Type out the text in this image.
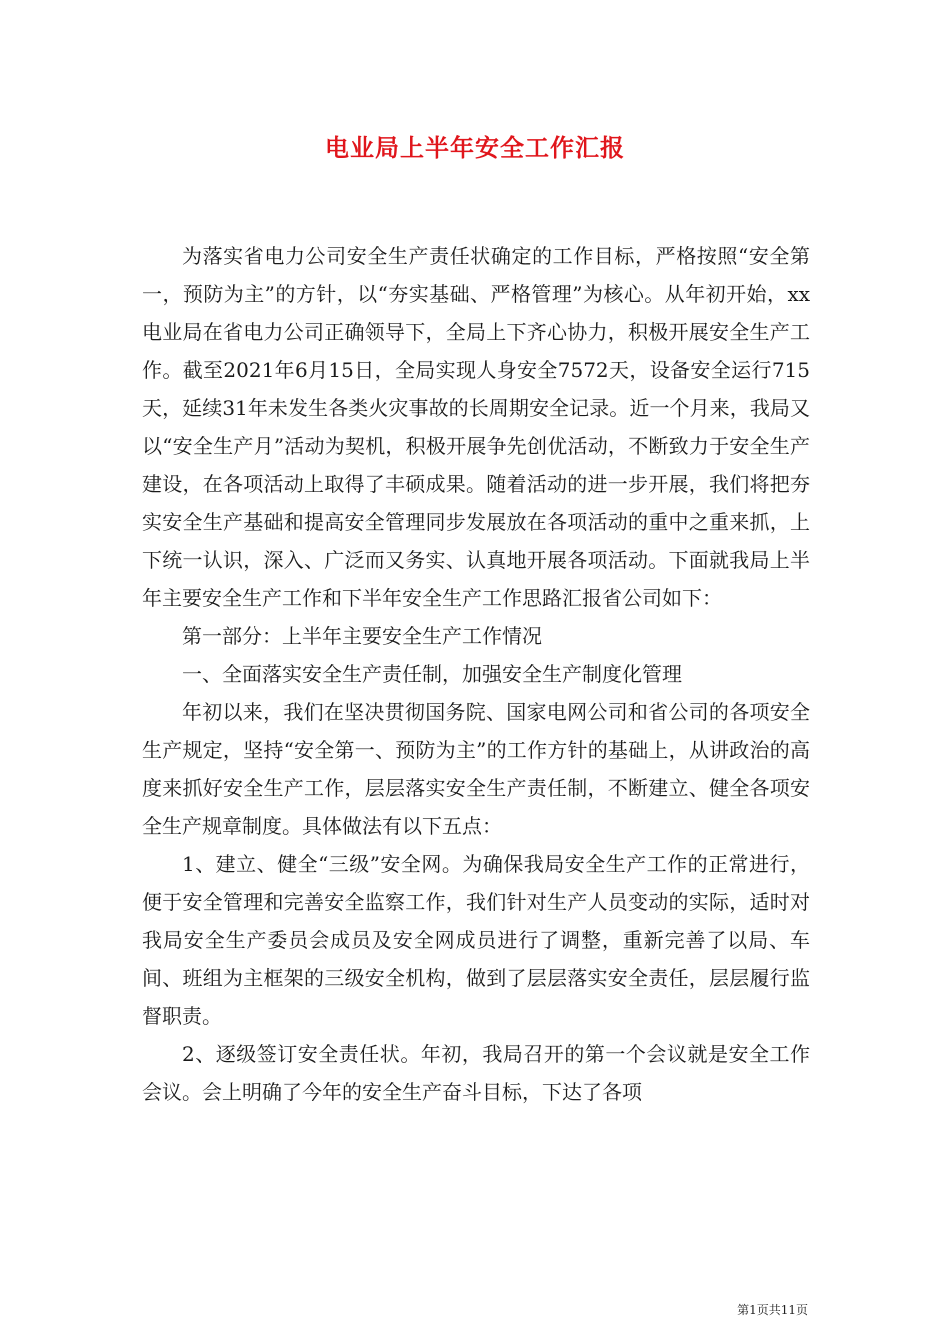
电业局上半年安全工作汇报

为落实省电力公司安全生产责任状确定的工作目标，严格按照“安全第一，预防为主”的方针，以“夯实基础、严格管理”为核心。从年初开始，xx电业局在省电力公司正确领导下，全局上下齐心协力，积极开展安全生产工作。截至2021年6月15日，全局实现人身安全7572天，设备安全运行715天，延续31年未发生各类火灾事故的长周期安全记录。近一个月来，我局又以“安全生产月”活动为契机，积极开展争先创优活动，不断致力于安全生产建设，在各项活动上取得了丰硕成果。随着活动的进一步开展，我们将把夯实安全生产基础和提高安全管理同步发展放在各项活动的重中之重来抓，上下统一认识，深入、广泛而又务实、认真地开展各项活动。下面就我局上半年主要安全生产工作和下半年安全生产工作思路汇报省公司如下：

第一部分：上半年主要安全生产工作情况

一、全面落实安全生产责任制，加强安全生产制度化管理

年初以来，我们在坚决贯彻国务院、国家电网公司和省公司的各项安全生产规定，坚持“安全第一、预防为主”的工作方针的基础上，从讲政治的高度来抓好安全生产工作，层层落实安全生产责任制，不断建立、健全各项安全生产规章制度。具体做法有以下五点：

1、建立、健全“三级”安全网。为确保我局安全生产工作的正常进行，便于安全管理和完善安全监察工作，我们针对生产人员变动的实际，适时对我局安全生产委员会成员及安全网成员进行了调整，重新完善了以局、车间、班组为主框架的三级安全机构，做到了层层落实安全责任，层层履行监督职责。

2、逐级签订安全责任状。年初，我局召开的第一个会议就是安全工作会议。会上明确了今年的安全生产奋斗目标，下达了各项

第1页共11页
